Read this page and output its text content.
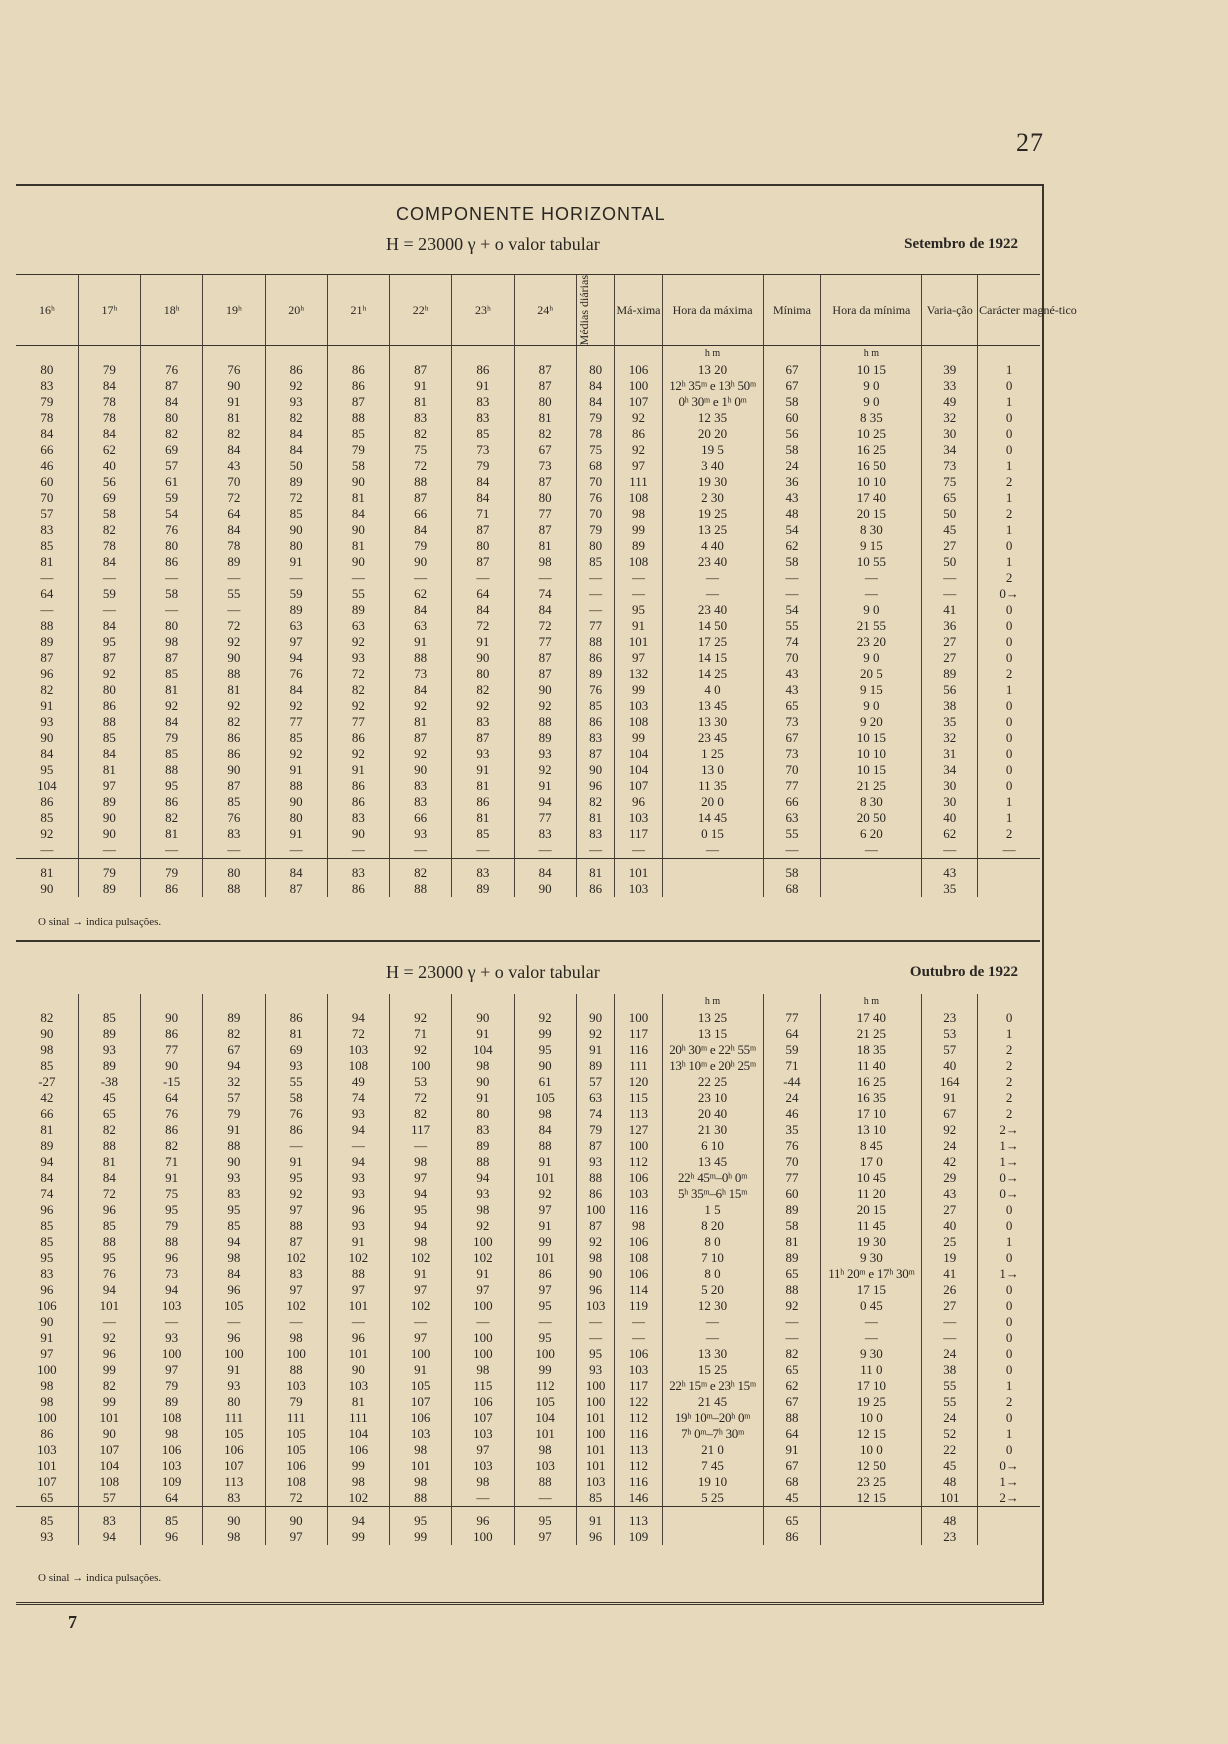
27
COMPONENTE HORIZONTAL
H = 23000 γ + o valor tabular	Setembro de 1922
16ʰ	17ʰ	18ʰ	19ʰ	20ʰ	21ʰ	22ʰ	23ʰ	24ʰ	Médias diárias	Má-xima	Hora da máxima	Mínima	Hora da mínima	Varia-ção	Carácter magné-tico
											h m		h m		
80	79	76	76	86	86	87	86	87	80	106	13 20	67	10 15	39	1
83	84	87	90	92	86	91	91	87	84	100	12ʰ 35ᵐ e 13ʰ 50ᵐ	67	9 0	33	0
79	78	84	91	93	87	81	83	80	84	107	0ʰ 30ᵐ e 1ʰ 0ᵐ	58	9 0	49	1
78	78	80	81	82	88	83	83	81	79	92	12 35	60	8 35	32	0
84	84	82	82	84	85	82	85	82	78	86	20 20	56	10 25	30	0
66	62	69	84	84	79	75	73	67	75	92	19 5	58	16 25	34	0
46	40	57	43	50	58	72	79	73	68	97	3 40	24	16 50	73	1
60	56	61	70	89	90	88	84	87	70	111	19 30	36	10 10	75	2
70	69	59	72	72	81	87	84	80	76	108	2 30	43	17 40	65	1
57	58	54	64	85	84	66	71	77	70	98	19 25	48	20 15	50	2
83	82	76	84	90	90	84	87	87	79	99	13 25	54	8 30	45	1
85	78	80	78	80	81	79	80	81	80	89	4 40	62	9 15	27	0
81	84	86	89	91	90	90	87	98	85	108	23 40	58	10 55	50	1
—	—	—	—	—	—	—	—	—	—	—	—	—	—	—	2
64	59	58	55	59	55	62	64	74	—	—	—	—	—	—	0→
—	—	—	—	89	89	84	84	84	—	95	23 40	54	9 0	41	0
88	84	80	72	63	63	63	72	72	77	91	14 50	55	21 55	36	0
89	95	98	92	97	92	91	91	77	88	101	17 25	74	23 20	27	0
87	87	87	90	94	93	88	90	87	86	97	14 15	70	9 0	27	0
96	92	85	88	76	72	73	80	87	89	132	14 25	43	20 5	89	2
82	80	81	81	84	82	84	82	90	76	99	4 0	43	9 15	56	1
91	86	92	92	92	92	92	92	92	85	103	13 45	65	9 0	38	0
93	88	84	82	77	77	81	83	88	86	108	13 30	73	9 20	35	0
90	85	79	86	85	86	87	87	89	83	99	23 45	67	10 15	32	0
84	84	85	86	92	92	92	93	93	87	104	1 25	73	10 10	31	0
95	81	88	90	91	91	90	91	92	90	104	13 0	70	10 15	34	0
104	97	95	87	88	86	83	81	91	96	107	11 35	77	21 25	30	0
86	89	86	85	90	86	83	86	94	82	96	20 0	66	8 30	30	1
85	90	82	76	80	83	66	81	77	81	103	14 45	63	20 50	40	1
92	90	81	83	91	90	93	85	83	83	117	0 15	55	6 20	62	2
—	—	—	—	—	—	—	—	—	—	—	—	—	—	—	—
81	79	79	80	84	83	82	83	84	81	101		58		43	
90	89	86	88	87	86	88	89	90	86	103		68		35	
O sinal → indica pulsações.
H = 23000 γ + o valor tabular	Outubro de 1922
											h m		h m		
82	85	90	89	86	94	92	90	92	90	100	13 25	77	17 40	23	0
90	89	86	82	81	72	71	91	99	92	117	13 15	64	21 25	53	1
98	93	77	67	69	103	92	104	95	91	116	20ʰ 30ᵐ e 22ʰ 55ᵐ	59	18 35	57	2
85	89	90	94	93	108	100	98	90	89	111	13ʰ 10ᵐ e 20ʰ 25ᵐ	71	11 40	40	2
-27	-38	-15	32	55	49	53	90	61	57	120	22 25	-44	16 25	164	2
42	45	64	57	58	74	72	91	105	63	115	23 10	24	16 35	91	2
66	65	76	79	76	93	82	80	98	74	113	20 40	46	17 10	67	2
81	82	86	91	86	94	117	83	84	79	127	21 30	35	13 10	92	2→
89	88	82	88	—	—	—	89	88	87	100	6 10	76	8 45	24	1→
94	81	71	90	91	94	98	88	91	93	112	13 45	70	17 0	42	1→
84	84	91	93	95	93	97	94	101	88	106	22ʰ 45ᵐ–0ʰ 0ᵐ	77	10 45	29	0→
74	72	75	83	92	93	94	93	92	86	103	5ʰ 35ᵐ–6ʰ 15ᵐ	60	11 20	43	0→
96	96	95	95	97	96	95	98	97	100	116	1 5	89	20 15	27	0
85	85	79	85	88	93	94	92	91	87	98	8 20	58	11 45	40	0
85	88	88	94	87	91	98	100	99	92	106	8 0	81	19 30	25	1
95	95	96	98	102	102	102	102	101	98	108	7 10	89	9 30	19	0
83	76	73	84	83	88	91	91	86	90	106	8 0	65	11ʰ 20ᵐ e 17ʰ 30ᵐ	41	1→
96	94	94	96	97	97	97	97	97	96	114	5 20	88	17 15	26	0
106	101	103	105	102	101	102	100	95	103	119	12 30	92	0 45	27	0
90	—	—	—	—	—	—	—	—	—	—	—	—	—	—	0
91	92	93	96	98	96	97	100	95	—	—	—	—	—	—	0
97	96	100	100	100	101	100	100	100	95	106	13 30	82	9 30	24	0
100	99	97	91	88	90	91	98	99	93	103	15 25	65	11 0	38	0
98	82	79	93	103	103	105	115	112	100	117	22ʰ 15ᵐ e 23ʰ 15ᵐ	62	17 10	55	1
98	99	89	80	79	81	107	106	105	100	122	21 45	67	19 25	55	2
100	101	108	111	111	111	106	107	104	101	112	19ʰ 10ᵐ–20ʰ 0ᵐ	88	10 0	24	0
86	90	98	105	105	104	103	103	101	100	116	7ʰ 0ᵐ–7ʰ 30ᵐ	64	12 15	52	1
103	107	106	106	105	106	98	97	98	101	113	21 0	91	10 0	22	0
101	104	103	107	106	99	101	103	103	101	112	7 45	67	12 50	45	0→
107	108	109	113	108	98	98	98	88	103	116	19 10	68	23 25	48	1→
65	57	64	83	72	102	88	—	—	85	146	5 25	45	12 15	101	2→
85	83	85	90	90	94	95	96	95	91	113		65		48	
93	94	96	98	97	99	99	100	97	96	109		86		23	
O sinal → indica pulsações.
7
